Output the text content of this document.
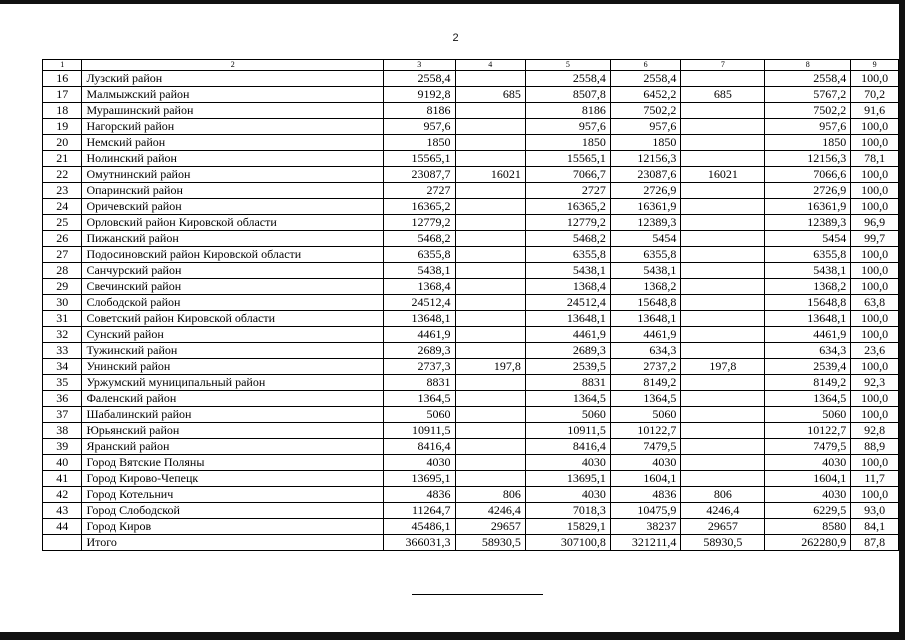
2
1	2	3	4	5	6	7	8	9
16	Лузский район	2558,4		2558,4	2558,4		2558,4	100,0
17	Малмыжский район	9192,8	685	8507,8	6452,2	685	5767,2	70,2
18	Мурашинский район	8186		8186	7502,2		7502,2	91,6
19	Нагорский район	957,6		957,6	957,6		957,6	100,0
20	Немский район	1850		1850	1850		1850	100,0
21	Нолинский район	15565,1		15565,1	12156,3		12156,3	78,1
22	Омутнинский район	23087,7	16021	7066,7	23087,6	16021	7066,6	100,0
23	Опаринский район	2727		2727	2726,9		2726,9	100,0
24	Оричевский район	16365,2		16365,2	16361,9		16361,9	100,0
25	Орловский район Кировской области	12779,2		12779,2	12389,3		12389,3	96,9
26	Пижанский район	5468,2		5468,2	5454		5454	99,7
27	Подосиновский район Кировской области	6355,8		6355,8	6355,8		6355,8	100,0
28	Санчурский район	5438,1		5438,1	5438,1		5438,1	100,0
29	Свечинский район	1368,4		1368,4	1368,2		1368,2	100,0
30	Слободской район	24512,4		24512,4	15648,8		15648,8	63,8
31	Советский район Кировской области	13648,1		13648,1	13648,1		13648,1	100,0
32	Сунский район	4461,9		4461,9	4461,9		4461,9	100,0
33	Тужинский район	2689,3		2689,3	634,3		634,3	23,6
34	Унинский район	2737,3	197,8	2539,5	2737,2	197,8	2539,4	100,0
35	Уржумский муниципальный район	8831		8831	8149,2		8149,2	92,3
36	Фаленский район	1364,5		1364,5	1364,5		1364,5	100,0
37	Шабалинский район	5060		5060	5060		5060	100,0
38	Юрьянский район	10911,5		10911,5	10122,7		10122,7	92,8
39	Яранский район	8416,4		8416,4	7479,5		7479,5	88,9
40	Город Вятские Поляны	4030		4030	4030		4030	100,0
41	Город Кирово-Чепецк	13695,1		13695,1	1604,1		1604,1	11,7
42	Город Котельнич	4836	806	4030	4836	806	4030	100,0
43	Город Слободской	11264,7	4246,4	7018,3	10475,9	4246,4	6229,5	93,0
44	Город Киров	45486,1	29657	15829,1	38237	29657	8580	84,1
	Итого	366031,3	58930,5	307100,8	321211,4	58930,5	262280,9	87,8
